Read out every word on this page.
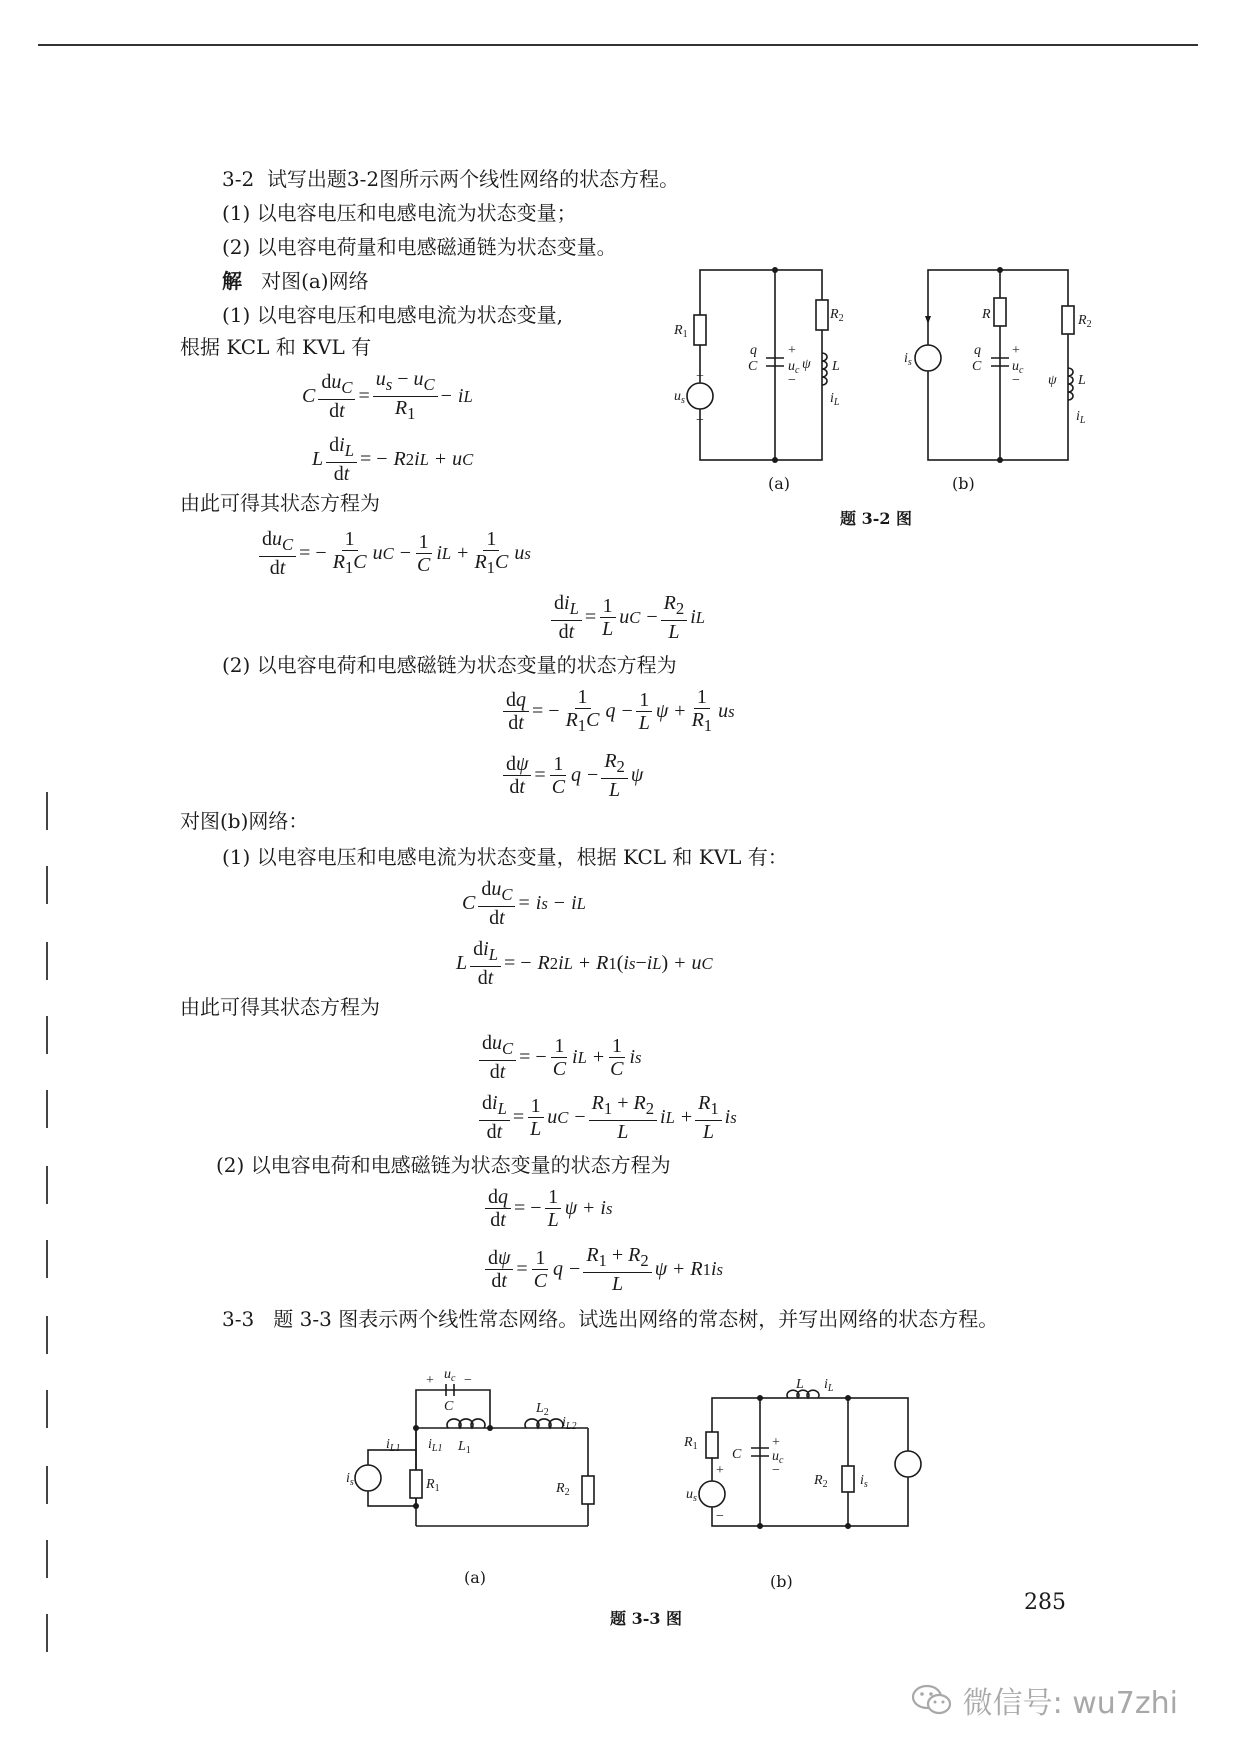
3-2 试写出题3-2图所示两个线性网络的状态方程。
(1) 以电容电压和电感电流为状态变量；
(2) 以电容电荷量和电感磁通链为状态变量。
解 对图(a)网络
(1) 以电容电压和电感电流为状态变量,
根据 KCL 和 KVL 有
C
$du_C$
dt
= $\frac{u_s - u_C}{R_1} - i$ L
L
$di_L$
dt
= − R 2 i L + u C
由此可得其状态方程为
$du_C$
dt
= − $\frac{1}{R_1C}$ u $C - \frac{1}{C}$ i $L + \frac{1}{R_1C}$ u s
$di_L$
dt
= $\frac{1}{L}$ u $C - \frac{R_2}{L}$ i L
(2) 以电容电荷和电感磁链为状态变量的状态方程为
$\frac{dq}{dt}$ = − $\frac{1}{R_1C}$ $q - \frac{1}{L}$ $\psi + \frac{1}{R_1}$ u s
$\frac{d\psi}{dt} = \frac{1}{C}$ $q - \frac{R_2}{L}$ ψ
对图(b)网络：
(1) 以电容电压和电感电流为状态变量，根据 KCL 和 KVL 有：
C
$du_C$
dt
= i s − i L
L
$di_L$
dt
= − R 2 i L + R 1 ( i s − i L ) + u C
由此可得其状态方程为
$du_C$
dt
= − $\frac{1}{C}$ i $L + \frac{1}{C}$ i s
$di_L$
dt
= $\frac{1}{L}$ u $C - \frac{R_1 + R_2}{L}$ i $L + \frac{R_1}{L}$ i s
(2) 以电容电荷和电感磁链为状态变量的状态方程为
$\frac{dq}{dt}$ = − $\frac{1}{L}$ ψ + i s
$\frac{d\psi}{dt} = \frac{1}{C}$ $q - \frac{R_1 + R_2}{L}$ ψ + R 1 i s
3-3 题 3-3 图表示两个线性常态网络。试选出网络的常态树，并写出网络的状态方程。
$R_1$
+
$u_s$
−
q
C
+
$u_c$
−
$R_2$
ψ L
$i_L$
R
$i_s$
q
C
+
$u_c$
−
$R_2$
ψ L
$i_L$
(a)	(b)
题 3-2 图
$i_s$	$R_1$
+ −
$u_c$
C
$i_{L1}$ $i_{L1}$ $L_1$
$L_2$
$i_{L2}$
$R_2$
$R_1$
+
$u_s$
−
C
+
$u_c$
−
L $i_L$
$R_2$ $i_s$
(a)	(b)
题 3-3 图
285
微信号: wu7zhi
